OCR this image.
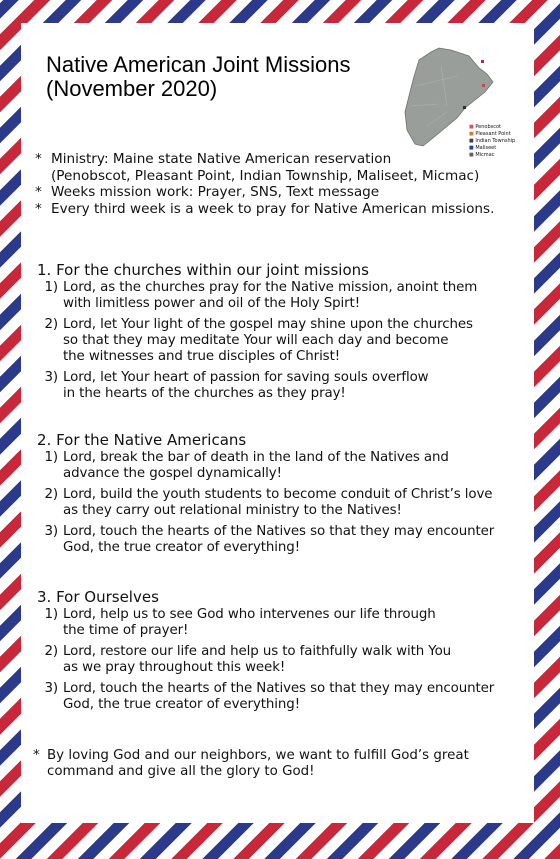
Native American Joint Missions
(November 2020)
■ Penobscot
■ Pleasant Point
■ Indian Township
■ Maliseet
■ Micmac
* Ministry: Maine state Native American reservation
(Penobscot, Pleasant Point, Indian Township, Maliseet, Micmac)
* Weeks mission work: Prayer, SNS, Text message
* Every third week is a week to pray for Native American missions.
1. For the churches within our joint missions
1) Lord, as the churches pray for the Native mission, anoint them
with limitless power and oil of the Holy Spirt!
2) Lord, let Your light of the gospel may shine upon the churches
so that they may meditate Your will each day and become
the witnesses and true disciples of Christ!
3) Lord, let Your heart of passion for saving souls overflow
in the hearts of the churches as they pray!
2. For the Native Americans
1) Lord, break the bar of death in the land of the Natives and
advance the gospel dynamically!
2) Lord, build the youth students to become conduit of Christ’s love
as they carry out relational ministry to the Natives!
3) Lord, touch the hearts of the Natives so that they may encounter
God, the true creator of everything!
3. For Ourselves
1) Lord, help us to see God who intervenes our life through
the time of prayer!
2) Lord, restore our life and help us to faithfully walk with You
as we pray throughout this week!
3) Lord, touch the hearts of the Natives so that they may encounter
God, the true creator of everything!
* By loving God and our neighbors, we want to fulfill God’s great
command and give all the glory to God!
